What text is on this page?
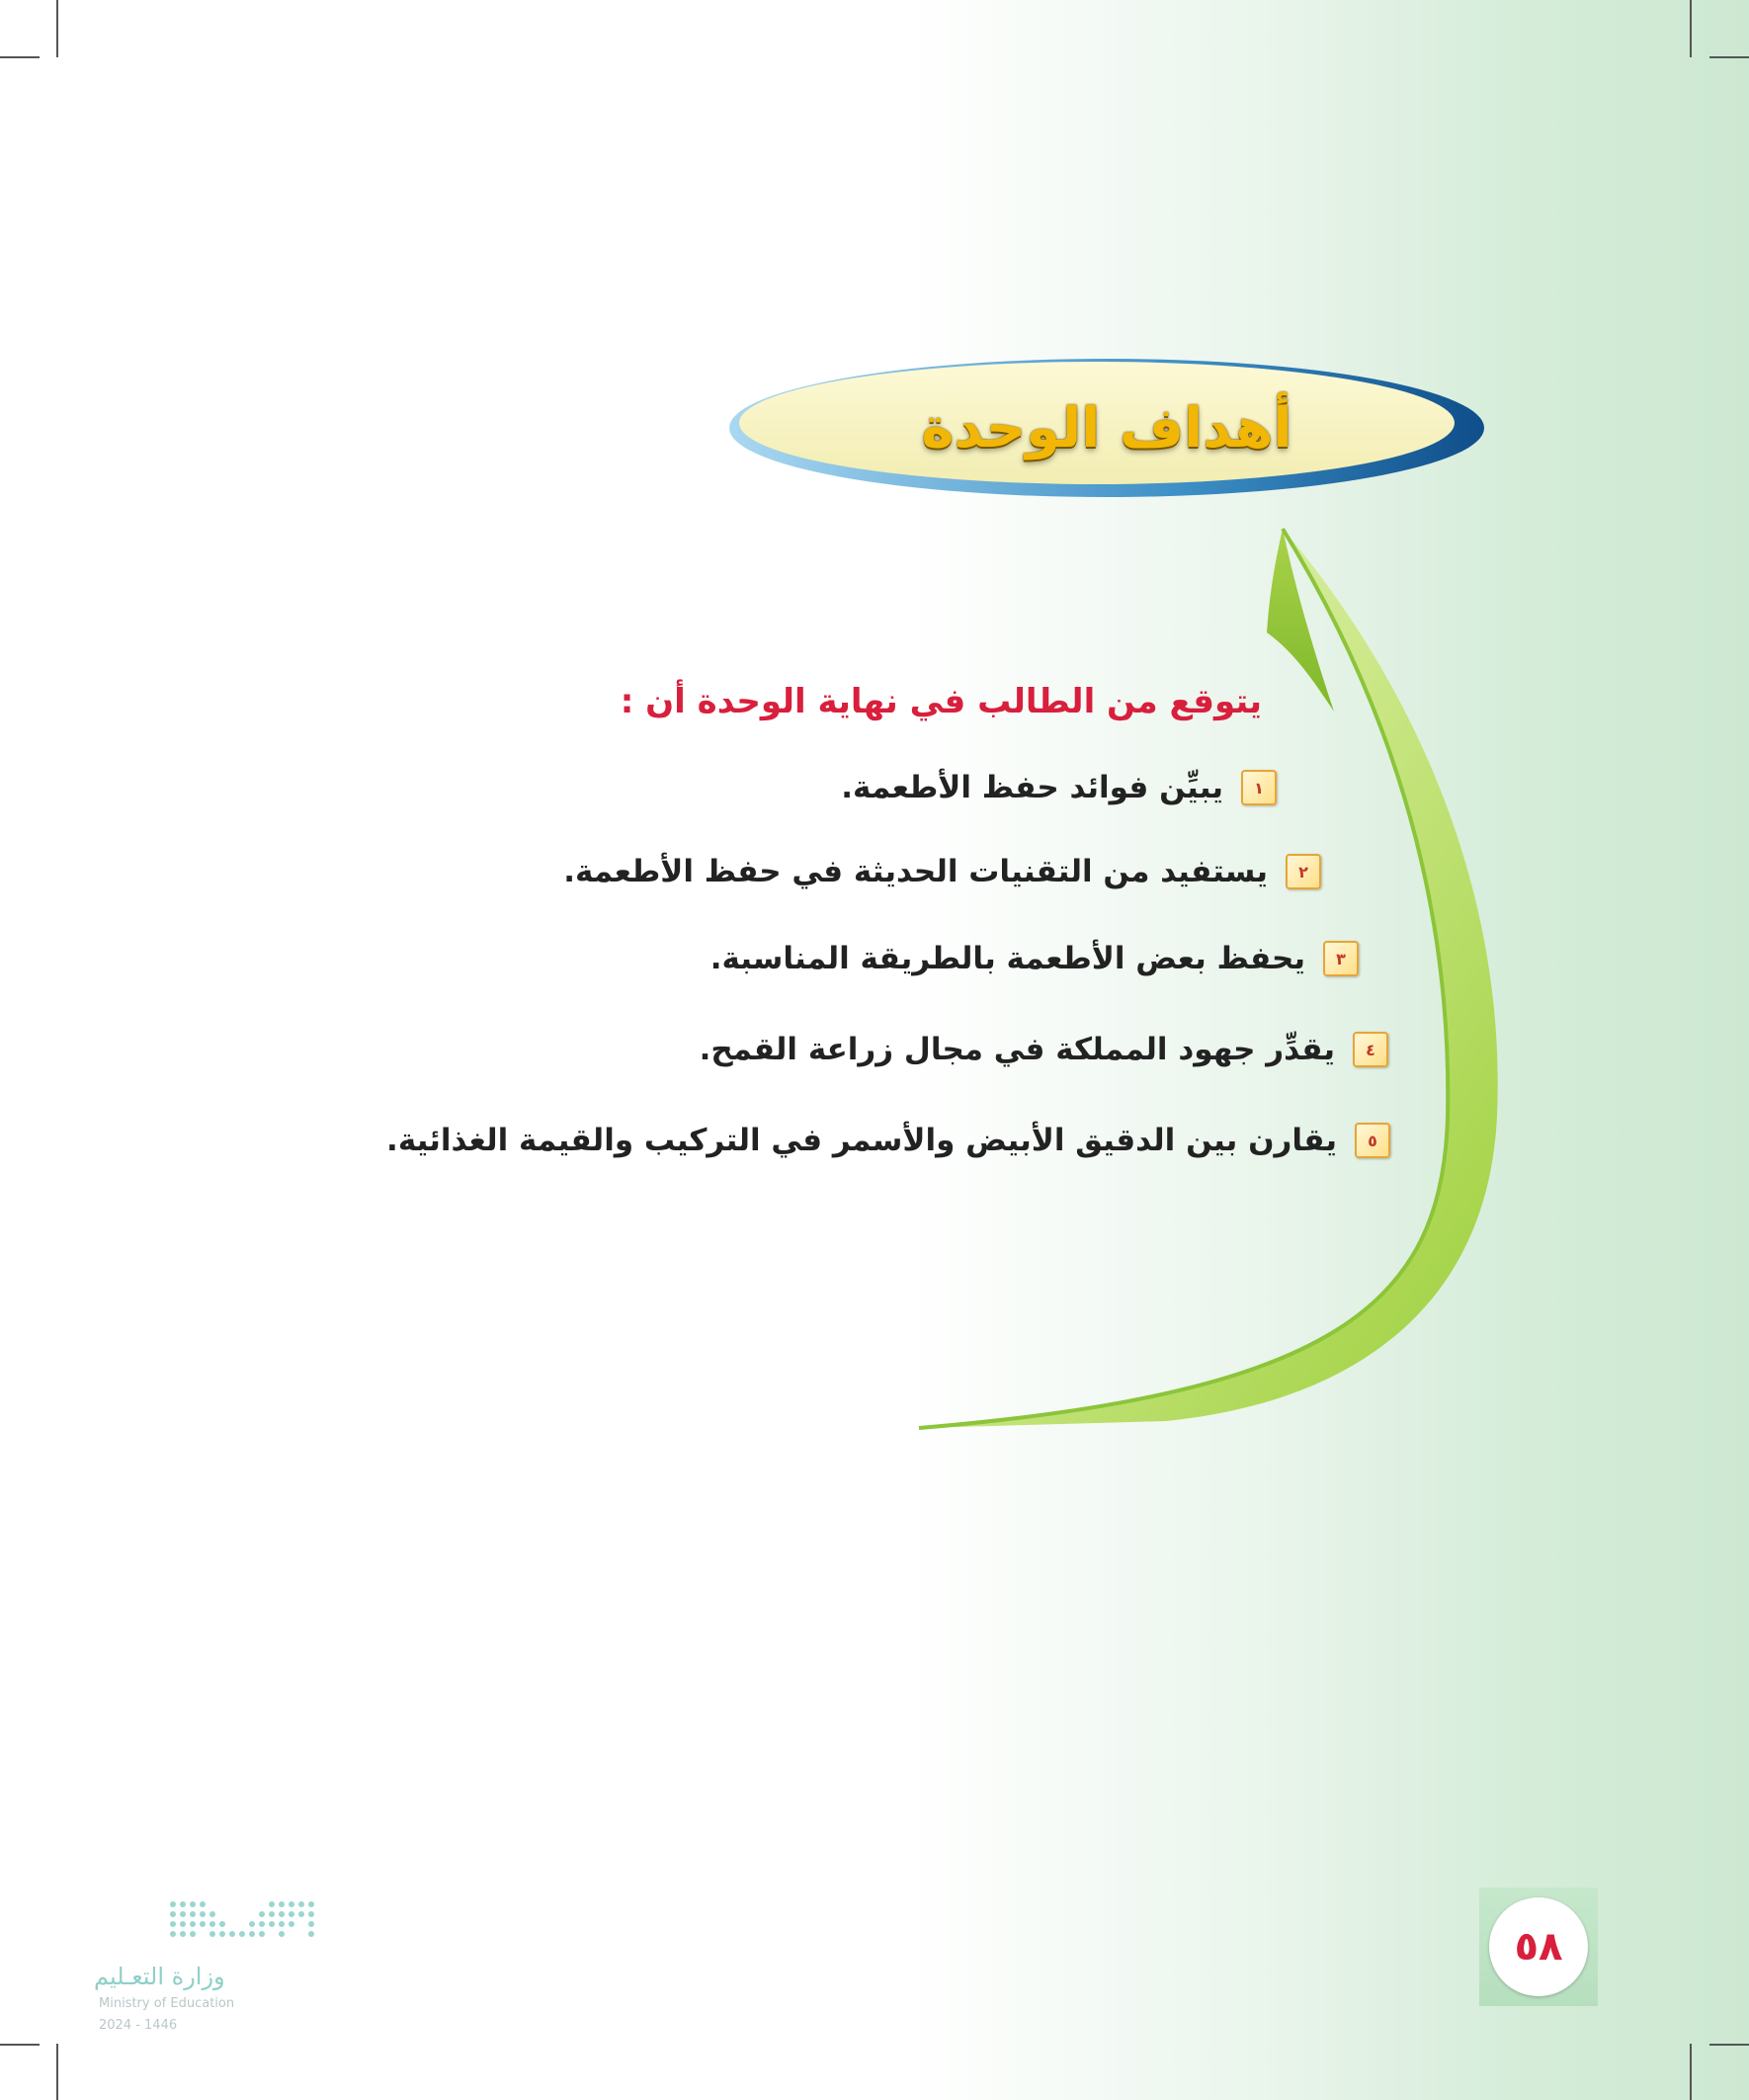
أهداف الوحدة
يتوقع من الطالب في نهاية الوحدة أن :
١
يبيِّن فوائد حفظ الأطعمة.
٢
يستفيد من التقنيات الحديثة في حفظ الأطعمة.
٣
يحفظ بعض الأطعمة بالطريقة المناسبة.
٤
يقدِّر جهود المملكة في مجال زراعة القمح.
٥
يقارن بين الدقيق الأبيض والأسمر في التركيب والقيمة الغذائية.
٥٨
وزارة التعـليم
Ministry of Education
2024 - 1446
